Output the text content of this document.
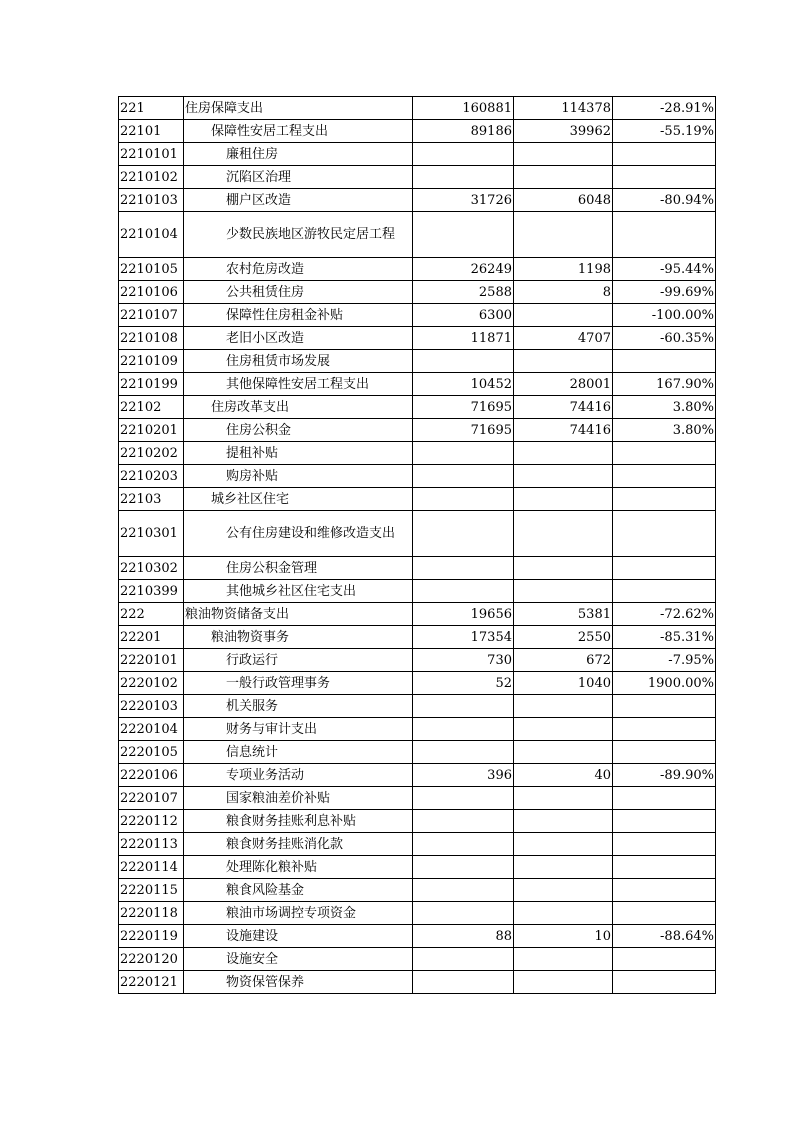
221	住房保障支出	160881	114378	-28.91%
22101	保障性安居工程支出	89186	39962	-55.19%
2210101	廉租住房			
2210102	沉陷区治理			
2210103	棚户区改造	31726	6048	-80.94%
2210104	少数民族地区游牧民定居工程			
2210105	农村危房改造	26249	1198	-95.44%
2210106	公共租赁住房	2588	8	-99.69%
2210107	保障性住房租金补贴	6300		-100.00%
2210108	老旧小区改造	11871	4707	-60.35%
2210109	住房租赁市场发展			
2210199	其他保障性安居工程支出	10452	28001	167.90%
22102	住房改革支出	71695	74416	3.80%
2210201	住房公积金	71695	74416	3.80%
2210202	提租补贴			
2210203	购房补贴			
22103	城乡社区住宅			
2210301	公有住房建设和维修改造支出			
2210302	住房公积金管理			
2210399	其他城乡社区住宅支出			
222	粮油物资储备支出	19656	5381	-72.62%
22201	粮油物资事务	17354	2550	-85.31%
2220101	行政运行	730	672	-7.95%
2220102	一般行政管理事务	52	1040	1900.00%
2220103	机关服务			
2220104	财务与审计支出			
2220105	信息统计			
2220106	专项业务活动	396	40	-89.90%
2220107	国家粮油差价补贴			
2220112	粮食财务挂账利息补贴			
2220113	粮食财务挂账消化款			
2220114	处理陈化粮补贴			
2220115	粮食风险基金			
2220118	粮油市场调控专项资金			
2220119	设施建设	88	10	-88.64%
2220120	设施安全			
2220121	物资保管保养			
